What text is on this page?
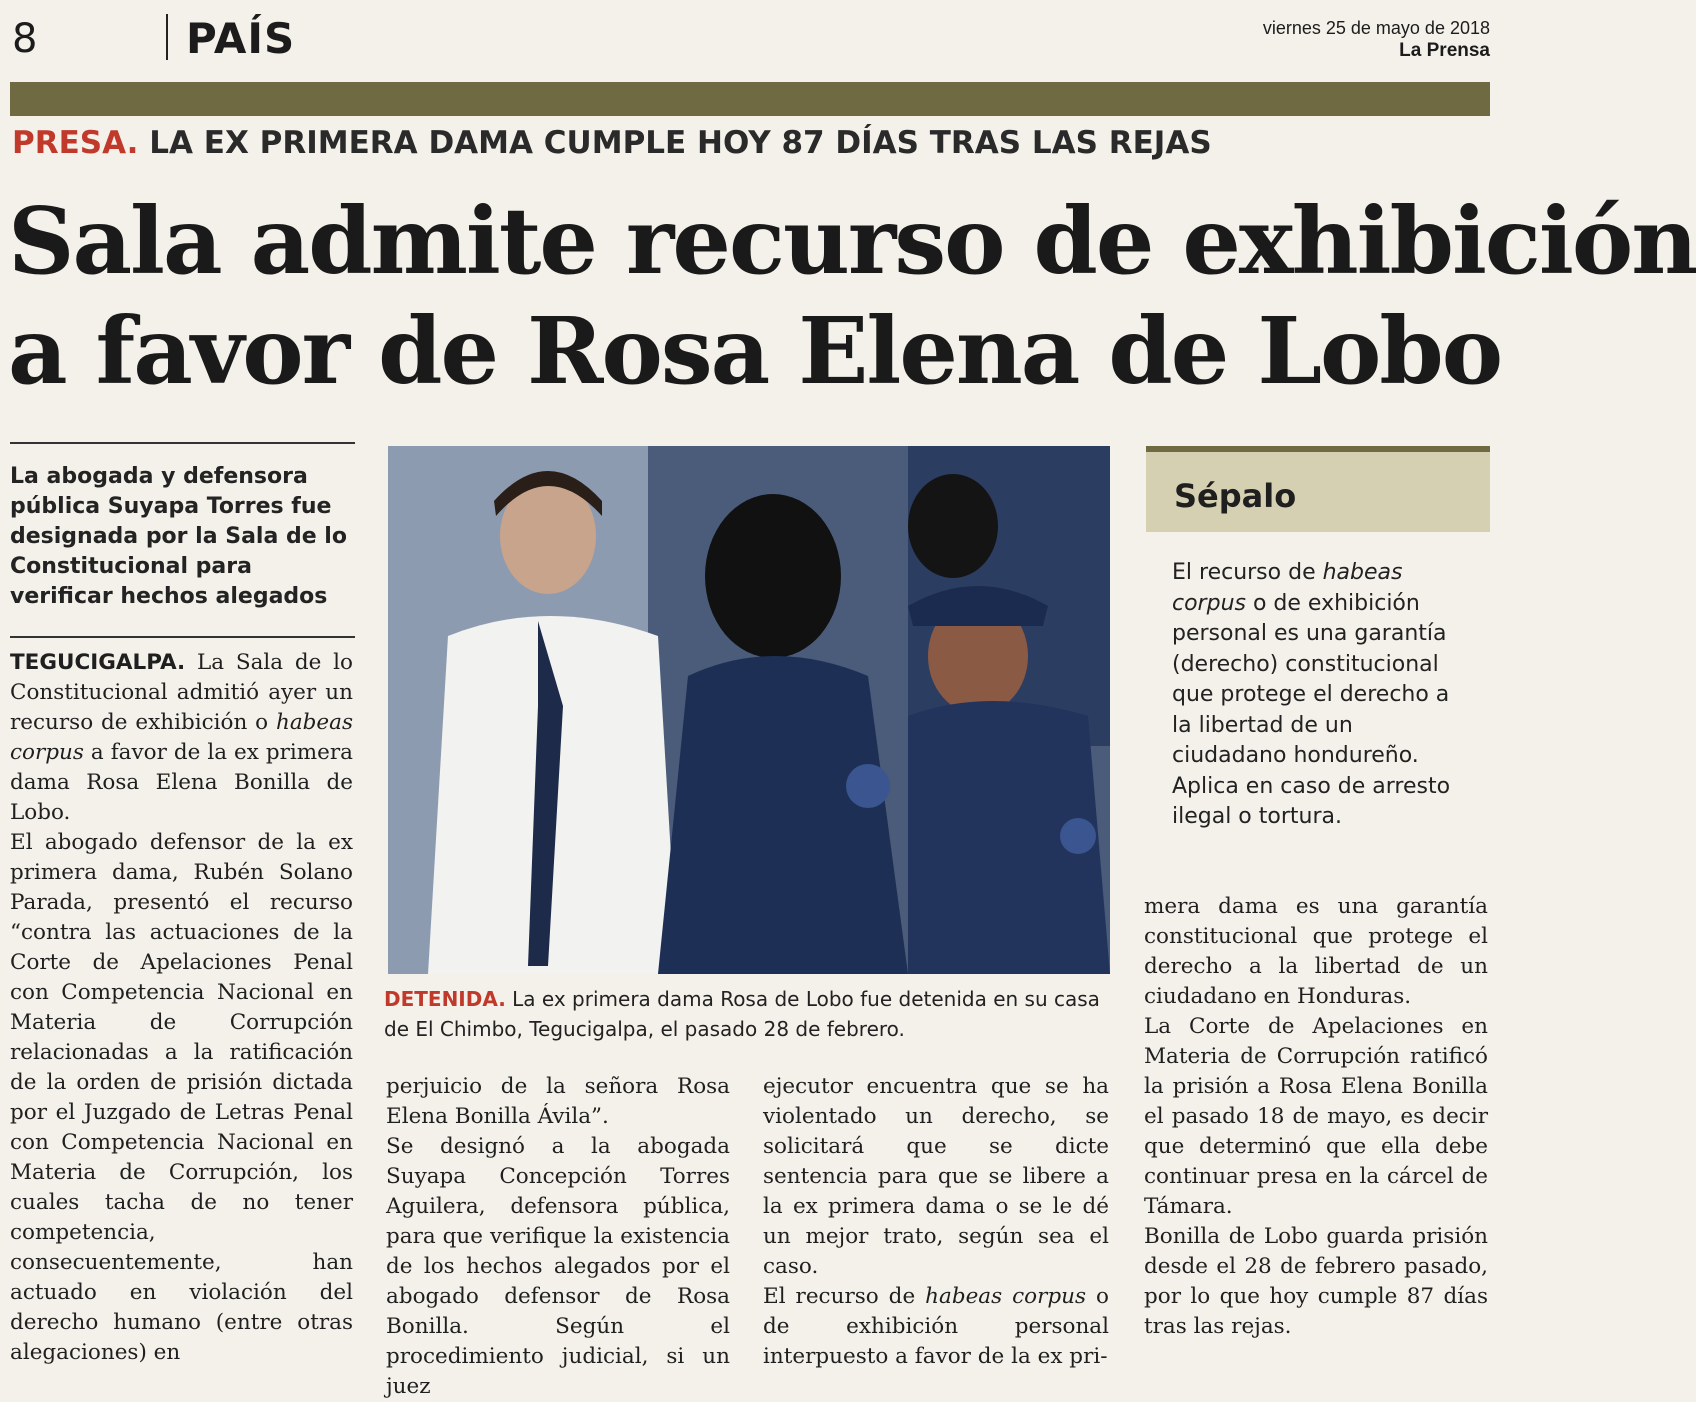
8	PAÍS	viernes 25 de mayo de 2018
La Prensa
PRESA. LA EX PRIMERA DAMA CUMPLE HOY 87 DÍAS TRAS LAS REJAS
Sala admite recurso de exhibición
a favor de Rosa Elena de Lobo
La abogada y defensora pública Suyapa Torres fue designada por la Sala de lo Constitucional para verificar hechos alegados

TEGUCIGALPA. La Sala de lo Constitucional admitió ayer un recurso de exhibición o habeas corpus a favor de la ex primera dama Rosa Elena Bonilla de Lobo.

El abogado defensor de la ex primera dama, Rubén Solano Parada, presentó el recurso “contra las actuaciones de la Corte de Apelaciones Penal con Competencia Nacional en Materia de Corrupción relacionadas a la ratificación de la orden de prisión dictada por el Juzgado de Letras Penal con Competencia Nacional en Materia de Corrupción, los cuales tacha de no tener competencia, consecuentemente, han actuado en violación del derecho humano (entre otras alegaciones) en

DETENIDA. La ex primera dama Rosa de Lobo fue detenida en su casa de El Chimbo, Tegucigalpa, el pasado 28 de febrero.

perjuicio de la señora Rosa Elena Bonilla Ávila”.

Se designó a la abogada Suyapa Concepción Torres Aguilera, defensora pública, para que verifique la existencia de los hechos alegados por el abogado defensor de Rosa Bonilla. Según el procedimiento judicial, si un juez

ejecutor encuentra que se ha violentado un derecho, se solicitará que se dicte sentencia para que se libere a la ex primera dama o se le dé un mejor trato, según sea el caso.

El recurso de habeas corpus o de exhibición personal interpuesto a favor de la ex pri-

Sépalo
El recurso de habeas corpus o de exhibición personal es una garantía (derecho) constitucional que protege el derecho a la libertad de un ciudadano hondureño. Aplica en caso de arresto ilegal o tortura.

mera dama es una garantía constitucional que protege el derecho a la libertad de un ciudadano en Honduras.

La Corte de Apelaciones en Materia de Corrupción ratificó la prisión a Rosa Elena Bonilla el pasado 18 de mayo, es decir que determinó que ella debe continuar presa en la cárcel de Támara.

Bonilla de Lobo guarda prisión desde el 28 de febrero pasado, por lo que hoy cumple 87 días tras las rejas.
